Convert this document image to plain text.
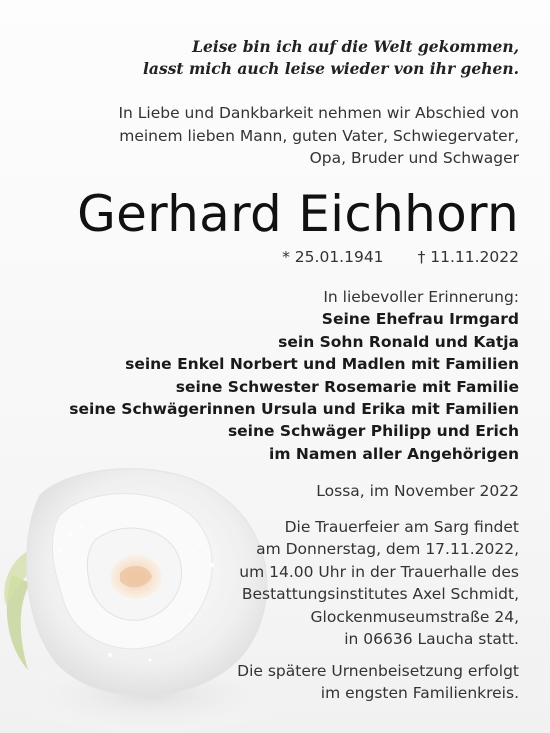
Leise bin ich auf die Welt gekommen,
lasst mich auch leise wieder von ihr gehen.
In Liebe und Dankbarkeit nehmen wir Abschied von
meinem lieben Mann, guten Vater, Schwiegervater,
Opa, Bruder und Schwager
Gerhard Eichhorn
* 25.01.1941 † 11.11.2022
In liebevoller Erinnerung:
Seine Ehefrau Irmgard
sein Sohn Ronald und Katja
seine Enkel Norbert und Madlen mit Familien
seine Schwester Rosemarie mit Familie
seine Schwägerinnen Ursula und Erika mit Familien
seine Schwäger Philipp und Erich
im Namen aller Angehörigen
Lossa, im November 2022
Die Trauerfeier am Sarg findet
am Donnerstag, dem 17.11.2022,
um 14.00 Uhr in der Trauerhalle des
Bestattungsinstitutes Axel Schmidt,
Glockenmuseumstraße 24,
in 06636 Laucha statt.
Die spätere Urnenbeisetzung erfolgt
im engsten Familienkreis.
